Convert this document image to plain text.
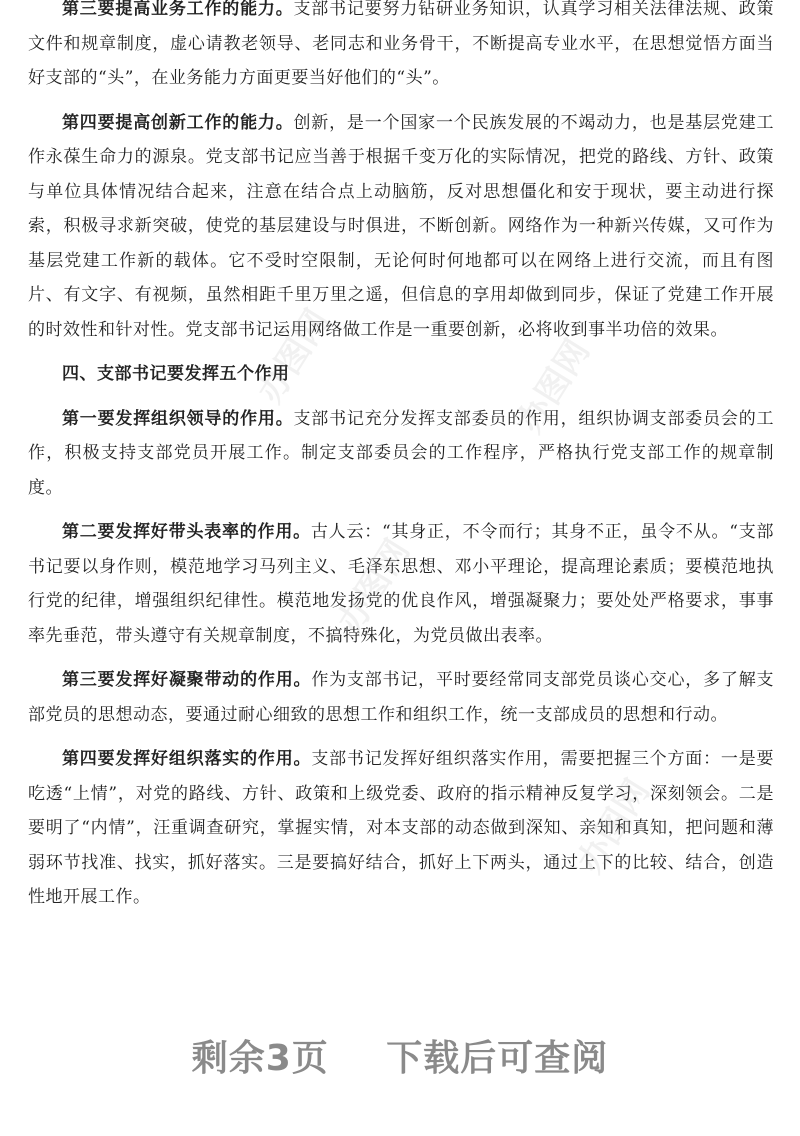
第三要提高业务工作的能力。支部书记要努力钻研业务知识，认真学习相关法律法规、政策文件和规章制度，虚心请教老领导、老同志和业务骨干，不断提高专业水平，在思想觉悟方面当好支部的“头”，在业务能力方面更要当好他们的“头”。

第四要提高创新工作的能力。创新，是一个国家一个民族发展的不竭动力，也是基层党建工作永葆生命力的源泉。党支部书记应当善于根据千变万化的实际情况，把党的路线、方针、政策与单位具体情况结合起来，注意在结合点上动脑筋，反对思想僵化和安于现状，要主动进行探索，积极寻求新突破，使党的基层建设与时俱进，不断创新。网络作为一种新兴传媒，又可作为基层党建工作新的载体。它不受时空限制，无论何时何地都可以在网络上进行交流，而且有图片、有文字、有视频，虽然相距千里万里之遥，但信息的享用却做到同步，保证了党建工作开展的时效性和针对性。党支部书记运用网络做工作是一重要创新，必将收到事半功倍的效果。

四、支部书记要发挥五个作用

第一要发挥组织领导的作用。支部书记充分发挥支部委员的作用，组织协调支部委员会的工作，积极支持支部党员开展工作。制定支部委员会的工作程序，严格执行党支部工作的规章制度。

第二要发挥好带头表率的作用。古人云：“其身正，不令而行；其身不正，虽令不从。“支部书记要以身作则，模范地学习马列主义、毛泽东思想、邓小平理论，提高理论素质；要模范地执行党的纪律，增强组织纪律性。模范地发扬党的优良作风，增强凝聚力；要处处严格要求，事事率先垂范，带头遵守有关规章制度，不搞特殊化，为党员做出表率。

第三要发挥好凝聚带动的作用。作为支部书记，平时要经常同支部党员谈心交心，多了解支部党员的思想动态，要通过耐心细致的思想工作和组织工作，统一支部成员的思想和行动。

第四要发挥好组织落实的作用。支部书记发挥好组织落实作用，需要把握三个方面：一是要吃透“上情”，对党的路线、方针、政策和上级党委、政府的指示精神反复学习，深刻领会。二是要明了“内情”，汪重调查研究，掌握实情，对本支部的动态做到深知、亲知和真知，把问题和薄弱环节找准、找实，抓好落实。三是要搞好结合，抓好上下两头，通过上下的比较、结合，创造性地开展工作。

办图网	办图网
办图网
办图网
剩余3页 下载后可查阅
